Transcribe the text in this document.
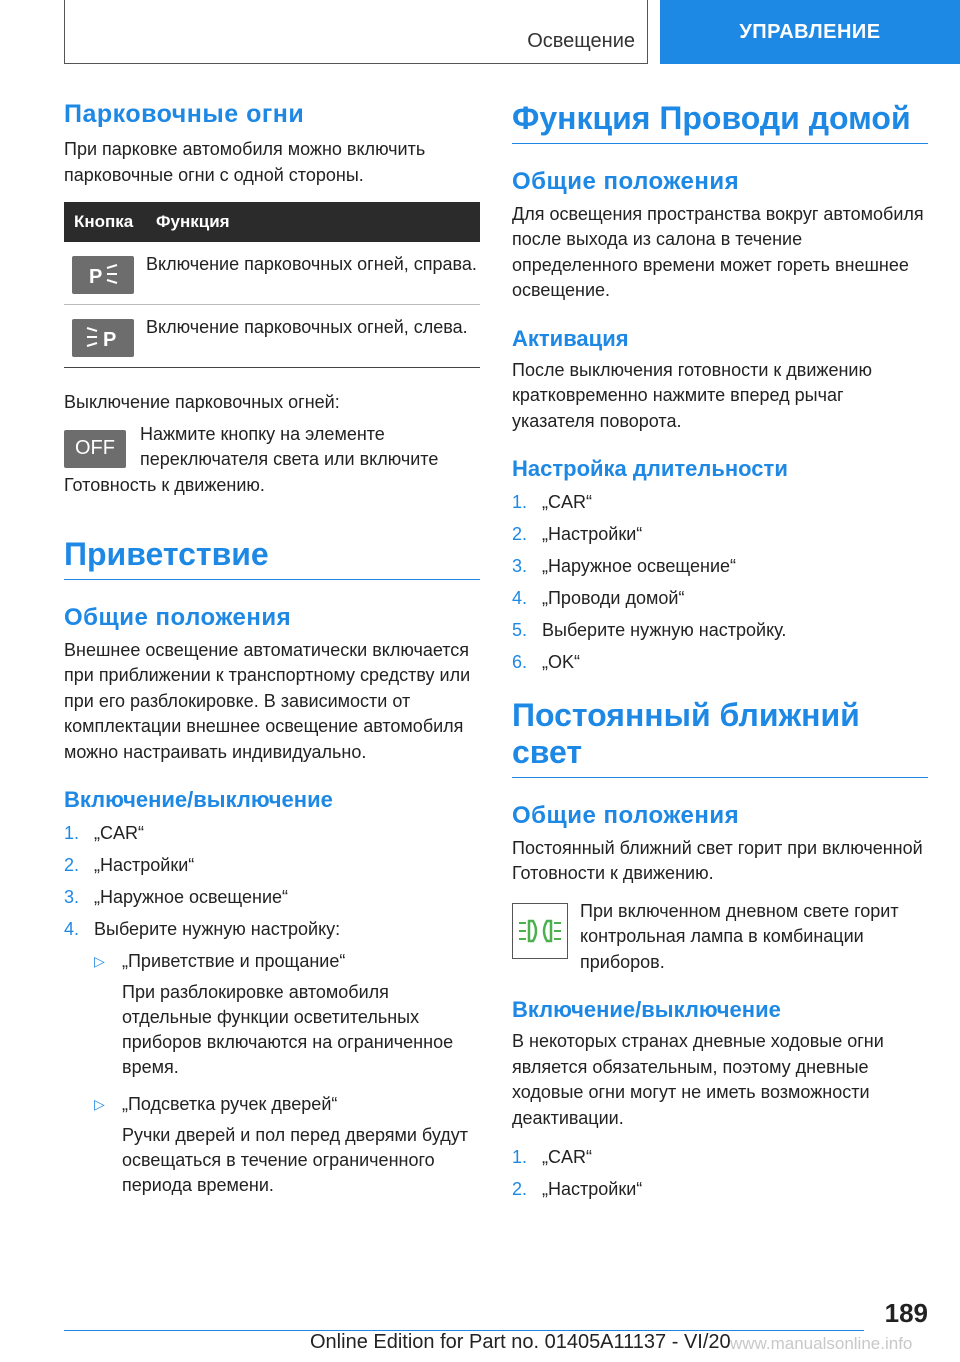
Освещение	УПРАВЛЕНИЕ
Парковочные огни

При парковке автомобиля можно включить парковочные огни с одной стороны.

Кнопка	Функция

P	Включение парковочных огней, справа.

P	Включение парковочных огней, слева.

Выключение парковочных огней:

OFF

Нажмите кнопку на элементе переключателя света или включите Готовность к движению.

Приветствие
Общие положения

Внешнее освещение автоматически включается при приближении к транспортному средству или при его разблокировке. В зависимости от комплектации внешнее освещение автомобиля можно настраивать индивидуально.

Включение/выключение
1. „CAR“
2. „Настройки“
3. „Наружное освещение“
4. Выберите нужную настройку:
▷ „Приветствие и прощание“
При разблокировке автомобиля отдельные функции осветительных приборов включаются на ограниченное время.
▷ „Подсветка ручек дверей“
Ручки дверей и пол перед дверями будут освещаться в течение ограниченного периода времени.
Функция Проводи домой
Общие положения

Для освещения пространства вокруг автомобиля после выхода из салона в течение определенного времени может гореть внешнее освещение.

Активация

После выключения готовности к движению кратковременно нажмите вперед рычаг указателя поворота.

Настройка длительности
1. „CAR“
2. „Настройки“
3. „Наружное освещение“
4. „Проводи домой“
5. Выберите нужную настройку.
6. „OK“
Постоянный ближний свет
Общие положения

Постоянный ближний свет горит при включенной Готовности к движению.

При включенном дневном свете горит контрольная лампа в комбинации приборов.

Включение/выключение

В некоторых странах дневные ходовые огни является обязательным, поэтому дневные ходовые огни могут не иметь возможности деактивации.

1. „CAR“
2. „Настройки“
189
Online Edition for Part no. 01405A11137 - VI/20 www.manualsonline.info
